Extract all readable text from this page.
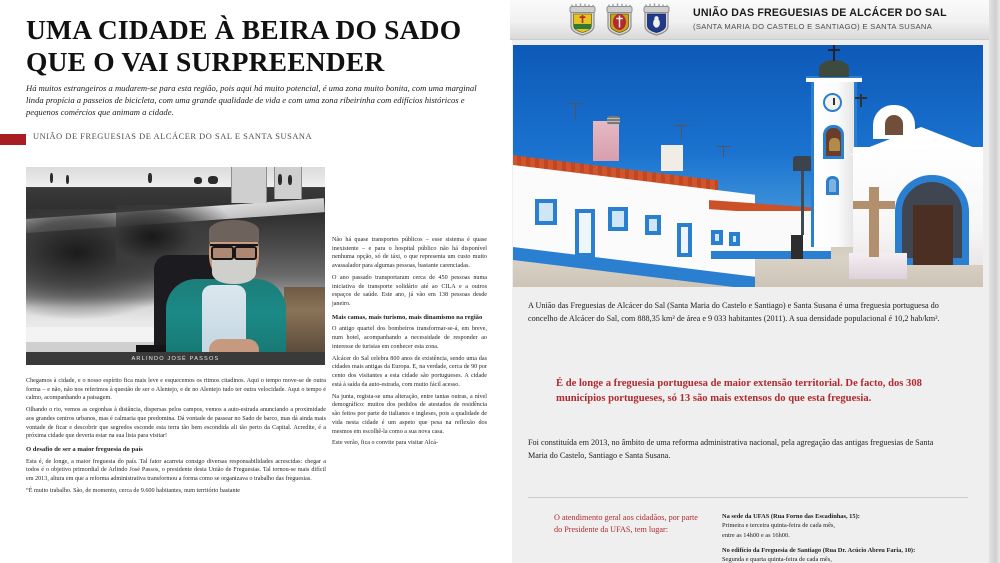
UMA CIDADE À BEIRA DO SADO QUE O VAI SURPREENDER
Há muitos estrangeiros a mudarem-se para esta região, pois aqui há muito potencial, é uma zona muito bonita, com uma marginal linda propícia a passeios de bicicleta, com uma grande qualidade de vida e com uma zona ribeirinha com edifícios históricos e pequenos comércios que animam a cidade.
UNIÃO DE FREGUESIAS DE ALCÁCER DO SAL E SANTA SUSANA
ARLINDO JOSÉ PASSOS

Chegamos à cidade, e o nosso espírito fica mais leve e esquecemos os ritmos citadinos. Aqui o tempo move-se de outra forma – e não, não nos referimos à questão de ser o Alentejo, e de no Alentejo tudo ter outra velocidade. Aqui o tempo é calmo, acompanhando a paisagem.

Olhando o rio, vemos as cegonhas à distância, dispersas pelos campos, vemos a auto-estrada anunciando a proximidade aos grandes centros urbanos, mas é calmaria que predomina. Dá vontade de passear no Sado de barco, mas dá ainda mais vontade de ficar e descobrir que segredos esconde esta terra tão bem escondida ali tão perto da Capital. Acredite, é a próxima cidade que deveria estar na sua lista para visitar!

O desafio de ser a maior freguesia do país

Esta é, de longe, a maior freguesia do país. Tal fator acarreta consigo diversas responsabilidades acrescidas: chegar a todos é o objetivo primordial de Arlindo José Passos, o presidente desta União de Freguesias. Tal tornou-se mais difícil em 2013, altura em que a reforma administrativa transformou a forma como se organizava o trabalho das freguesias.

“É muito trabalho. São, de momento, cerca de 9.600 habitantes, num território bastante

Não há quase transportes públicos – esse sistema é quase inexistente – e para o hospital público não há disponível nenhuma opção, só de táxi, o que representa um custo muito avassalador para algumas pessoas, bastante carenciadas.

O ano passado transportaram cerca de 450 pessoas numa iniciativa de transporte solidário até ao CILA e a outros espaços de saúde. Este ano, já vão em 138 pessoas desde janeiro.

Mais camas, mais turismo, mais dinamismo na região

O antigo quartel dos bombeiros transformar-se-á, em breve, num hotel, acompanhando a necessidade de responder ao interesse de turistas em conhecer esta zona.

Alcácer do Sal celebra 800 anos de existência, sendo uma das cidades mais antigas da Europa. E, na verdade, cerca de 90 por cento dos visitantes a esta cidade são portugueses. A cidade está à saída da auto-estrada, com muito fácil acesso.

Na junta, regista-se uma alteração, entre tantas outras, a nível demográfico: muitos dos pedidos de atestados de residência são feitos por parte de italianos e ingleses, pois a qualidade de vida nesta cidade é um aspeto que pesa na reflexão dos mesmos em escolhê-la como a sua nova casa.

Este verão, fica o convite para visitar Alcá-

UNIÃO DAS FREGUESIAS DE ALCÁCER DO SAL
(SANTA MARIA DO CASTELO E SANTIAGO) E SANTA SUSANA
A União das Freguesias de Alcácer do Sal (Santa Maria do Castelo e Santiago) e Santa Susana é uma freguesia portuguesa do concelho de Alcácer do Sal, com 888,35 km² de área e 9 033 habitantes (2011). A sua densidade populacional é 10,2 hab/km².
É de longe a freguesia portuguesa de maior extensão territorial. De facto, dos 308 municípios portugueses, só 13 são mais extensos do que esta freguesia.
Foi constituída em 2013, no âmbito de uma reforma administrativa nacional, pela agregação das antigas freguesias de Santa Maria do Castelo, Santiago e Santa Susana.
O atendimento geral aos cidadãos, por parte do Presidente da UFAS, tem lugar:
Na sede da UFAS (Rua Forno das Escadinhas, 15):
Primeira e terceira quinta-feira de cada mês,
entre as 14h00 e as 16h00.
No edifício da Freguesia de Santiago (Rua Dr. Acúcio Abreu Faria, 10):
Segunda e quarta quinta-feira de cada mês,
